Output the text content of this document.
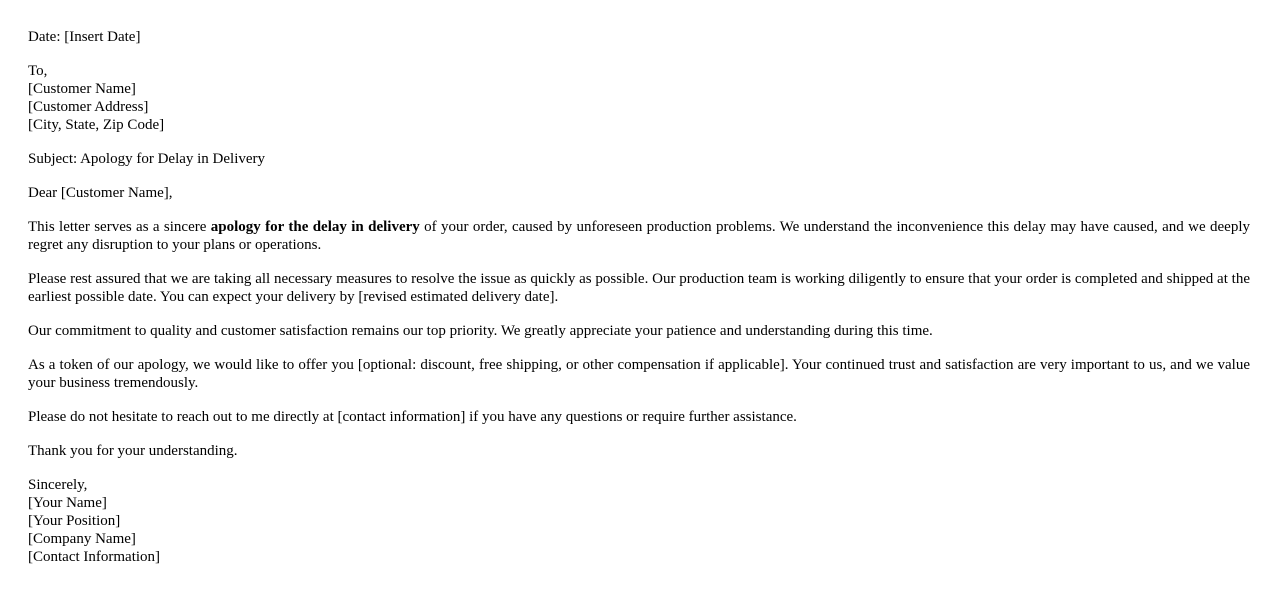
Date: [Insert Date]

To,
[Customer Name]
[Customer Address]
[City, State, Zip Code]

Subject: Apology for Delay in Delivery

Dear [Customer Name],

This letter serves as a sincere apology for the delay in delivery of your order, caused by unforeseen production problems. We understand the inconvenience this delay may have caused, and we deeply regret any disruption to your plans or operations.

Please rest assured that we are taking all necessary measures to resolve the issue as quickly as possible. Our production team is working diligently to ensure that your order is completed and shipped at the earliest possible date. You can expect your delivery by [revised estimated delivery date].

Our commitment to quality and customer satisfaction remains our top priority. We greatly appreciate your patience and understanding during this time.

As a token of our apology, we would like to offer you [optional: discount, free shipping, or other compensation if applicable]. Your continued trust and satisfaction are very important to us, and we value your business tremendously.

Please do not hesitate to reach out to me directly at [contact information] if you have any questions or require further assistance.

Thank you for your understanding.

Sincerely,
[Your Name]
[Your Position]
[Company Name]
[Contact Information]
